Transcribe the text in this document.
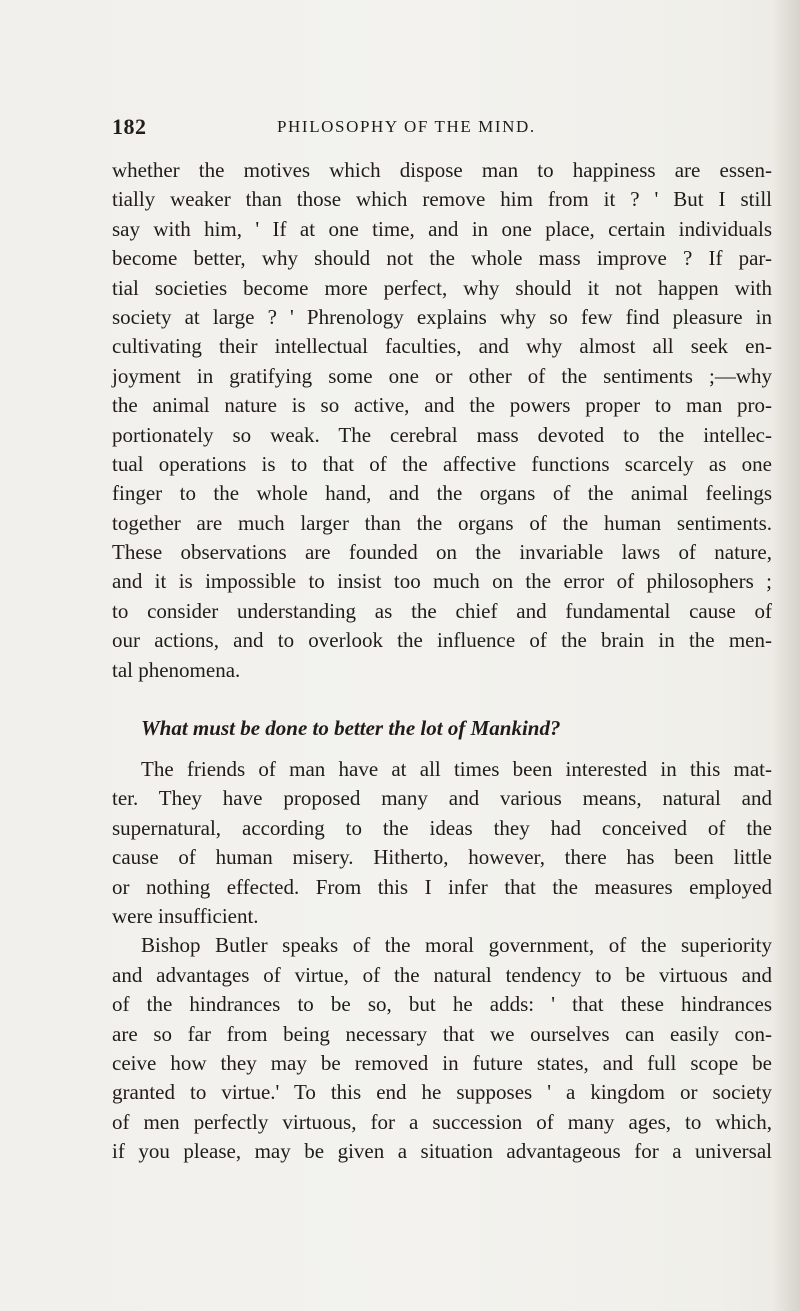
182	PHILOSOPHY OF THE MIND.
whether the motives which dispose man to happiness are essen-
tially weaker than those which remove him from it ? ' But I still
say with him, ' If at one time, and in one place, certain individuals
become better, why should not the whole mass improve ? If par-
tial societies become more perfect, why should it not happen with
society at large ? ' Phrenology explains why so few find pleasure in
cultivating their intellectual faculties, and why almost all seek en-
joyment in gratifying some one or other of the sentiments ;—why
the animal nature is so active, and the powers proper to man pro-
portionately so weak. The cerebral mass devoted to the intellec-
tual operations is to that of the affective functions scarcely as one
finger to the whole hand, and the organs of the animal feelings
together are much larger than the organs of the human sentiments.
These observations are founded on the invariable laws of nature,
and it is impossible to insist too much on the error of philosophers ;
to consider understanding as the chief and fundamental cause of
our actions, and to overlook the influence of the brain in the men-
tal phenomena.
What must be done to better the lot of Mankind?
The friends of man have at all times been interested in this mat-
ter. They have proposed many and various means, natural and
supernatural, according to the ideas they had conceived of the
cause of human misery. Hitherto, however, there has been little
or nothing effected. From this I infer that the measures employed
were insufficient.
Bishop Butler speaks of the moral government, of the superiority
and advantages of virtue, of the natural tendency to be virtuous and
of the hindrances to be so, but he adds: ' that these hindrances
are so far from being necessary that we ourselves can easily con-
ceive how they may be removed in future states, and full scope be
granted to virtue.' To this end he supposes ' a kingdom or society
of men perfectly virtuous, for a succession of many ages, to which,
if you please, may be given a situation advantageous for a universal
